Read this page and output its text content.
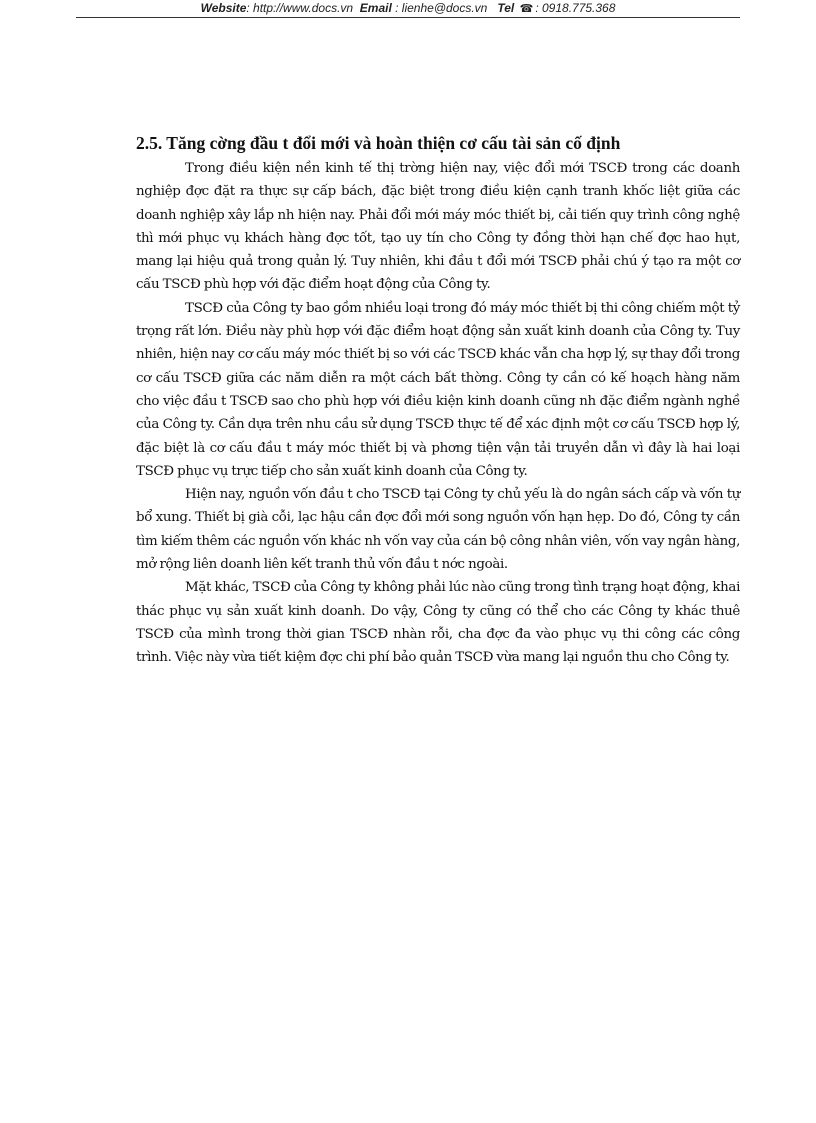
Website: http://www.docs.vn Email : lienhe@docs.vn Tel ☎ : 0918.775.368
2.5. Tăng cờng đầu t đổi mới và hoàn thiện cơ cấu tài sản cố định

Trong điều kiện nền kinh tế thị trờng hiện nay, việc đổi mới TSCĐ trong các doanh nghiệp đợc đặt ra thực sự cấp bách, đặc biệt trong điều kiện cạnh tranh khốc liệt giữa các doanh nghiệp xây lắp nh hiện nay. Phải đổi mới máy móc thiết bị, cải tiến quy trình công nghệ thì mới phục vụ khách hàng đợc tốt, tạo uy tín cho Công ty đồng thời hạn chế đợc hao hụt, mang lại hiệu quả trong quản lý. Tuy nhiên, khi đầu t đổi mới TSCĐ phải chú ý tạo ra một cơ cấu TSCĐ phù hợp với đặc điểm hoạt động của Công ty.

TSCĐ của Công ty bao gồm nhiều loại trong đó máy móc thiết bị thi công chiếm một tỷ trọng rất lớn. Điều này phù hợp với đặc điểm hoạt động sản xuất kinh doanh của Công ty. Tuy nhiên, hiện nay cơ cấu máy móc thiết bị so với các TSCĐ khác vẫn cha hợp lý, sự thay đổi trong cơ cấu TSCĐ giữa các năm diễn ra một cách bất thờng. Công ty cần có kế hoạch hàng năm cho việc đầu t TSCĐ sao cho phù hợp với điều kiện kinh doanh cũng nh đặc điểm ngành nghề của Công ty. Cần dựa trên nhu cầu sử dụng TSCĐ thực tế để xác định một cơ cấu TSCĐ hợp lý, đặc biệt là cơ cấu đầu t máy móc thiết bị và phơng tiện vận tải truyền dẫn vì đây là hai loại TSCĐ phục vụ trực tiếp cho sản xuất kinh doanh của Công ty.

Hiện nay, nguồn vốn đầu t cho TSCĐ tại Công ty chủ yếu là do ngân sách cấp và vốn tự bổ xung. Thiết bị già cỗi, lạc hậu cần đợc đổi mới song nguồn vốn hạn hẹp. Do đó, Công ty cần tìm kiếm thêm các nguồn vốn khác nh vốn vay của cán bộ công nhân viên, vốn vay ngân hàng, mở rộng liên doanh liên kết tranh thủ vốn đầu t nớc ngoài.

Mặt khác, TSCĐ của Công ty không phải lúc nào cũng trong tình trạng hoạt động, khai thác phục vụ sản xuất kinh doanh. Do vậy, Công ty cũng có thể cho các Công ty khác thuê TSCĐ của mình trong thời gian TSCĐ nhàn rỗi, cha đợc đa vào phục vụ thi công các công trình. Việc này vừa tiết kiệm đợc chi phí bảo quản TSCĐ vừa mang lại nguồn thu cho Công ty.
